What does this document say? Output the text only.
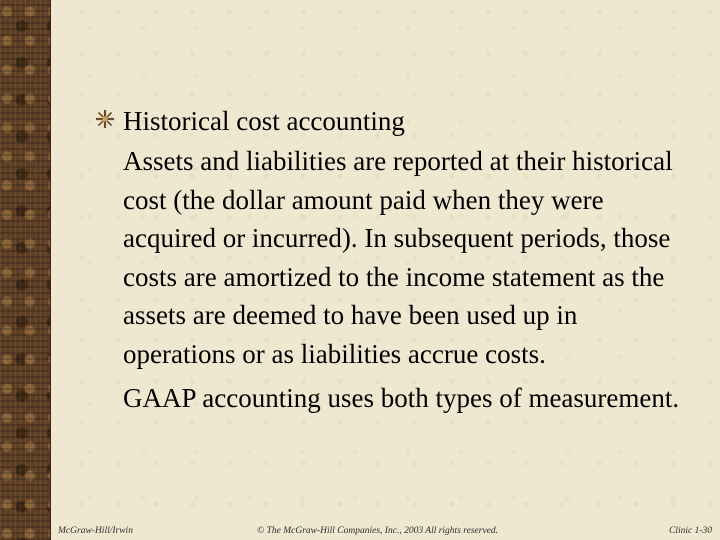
Historical cost accounting
Assets and liabilities are reported at their historical cost (the dollar amount paid when they were acquired or incurred). In subsequent periods, those costs are amortized to the income statement as the assets are deemed to have been used up in operations or as liabilities accrue costs.
GAAP accounting uses both types of measurement.
McGraw-Hill/Irwin	© The McGraw-Hill Companies, Inc., 2003 All rights reserved.	Clinic 1-30
